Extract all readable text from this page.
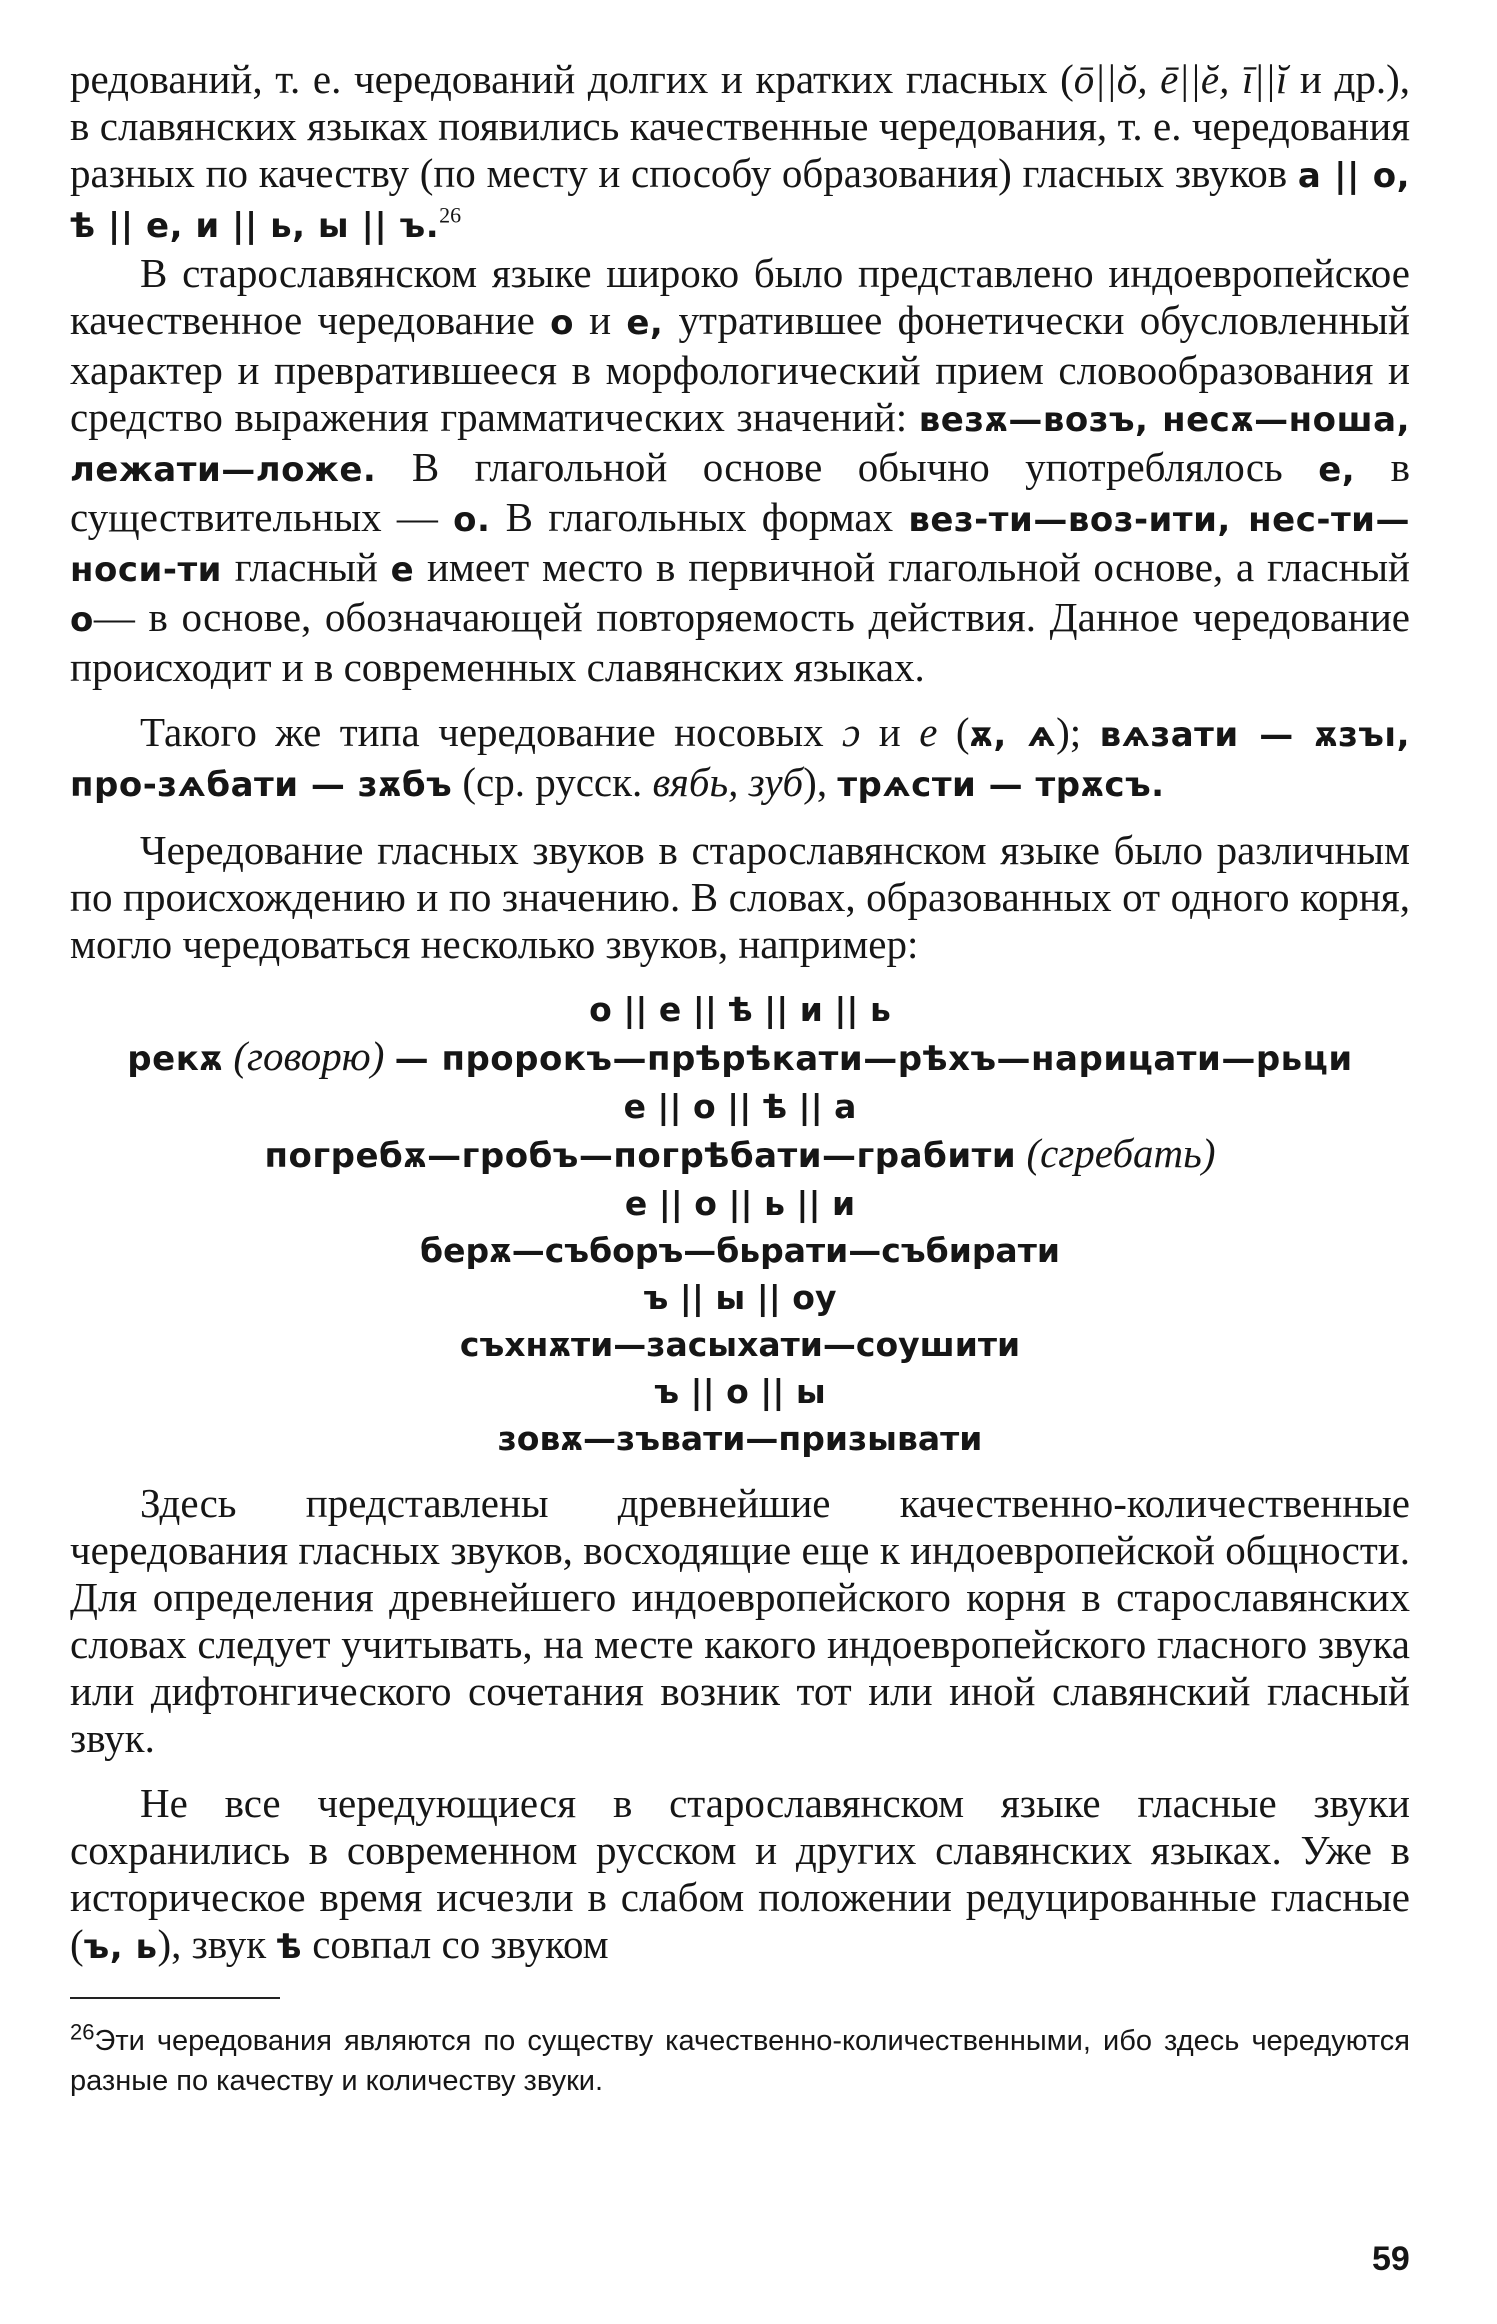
редований, т. е. чередований долгих и кратких гласных (ō||ŏ, ē||ĕ, ī||ĭ и др.), в славянских языках появились качественные чередования, т. е. чередования разных по качеству (по месту и способу образования) гласных звуков а || о, ѣ || е, и || ь, ы || ъ.$^{26}$

В старославянском языке широко было представлено индоевропейское качественное чередование о и е, утратившее фонетически обусловленный характер и превратившееся в морфологический прием словообразования и средство выражения грамматических значений: везѫ—возъ, несѫ—ноша, лежати—ложе. В глагольной основе обычно употреблялось е, в существительных — о. В глагольных формах вез-ти—воз-ити, нес-ти—носи-ти гласный е имеет место в первичной глагольной основе, а гласный о— в основе, обозначающей повторяемость действия. Данное чередование происходит и в современных славянских языках.

Такого же типа чередование носовых ɔ и e (ѫ, ѧ); вѧзати — ѫзъı, про-зѧбати — зѫбъ (ср. русск. вябь, зуб), трѧсти — трѫсъ.

Чередование гласных звуков в старославянском языке было различным по происхождению и по значению. В словах, образованных от одного корня, могло чередоваться несколько звуков, например:

о || е || ѣ || и || ь
рекѫ (говорю) — пророкъ—прѣрѣкати—рѣхъ—нарицати—рьци
е || о || ѣ || а
погребѫ—гробъ—погрѣбати—грабити (сгребать)
е || о || ь || и
берѫ—събоpъ—бьрати—събирати
ъ || ы || оу
съхнѫти—засыхати—соушити
ъ || о || ы
зовѫ—зъвати—призывати

Здесь представлены древнейшие качественно-количественные чередования гласных звуков, восходящие еще к индоевропейской общности. Для определения древнейшего индоевропейского корня в старославянских словах следует учитывать, на месте какого индоевропейского гласного звука или дифтонгического сочетания возник тот или иной славянский гласный звук.

Не все чередующиеся в старославянском языке гласные звуки сохранились в современном русском и других славянских языках. Уже в историческое время исчезли в слабом положении редуцированные гласные (ъ, ь), звук ѣ совпал со звуком

$^{26}$Эти чередования являются по существу качественно-количественными, ибо здесь чередуются разные по качеству и количеству звуки.

59
